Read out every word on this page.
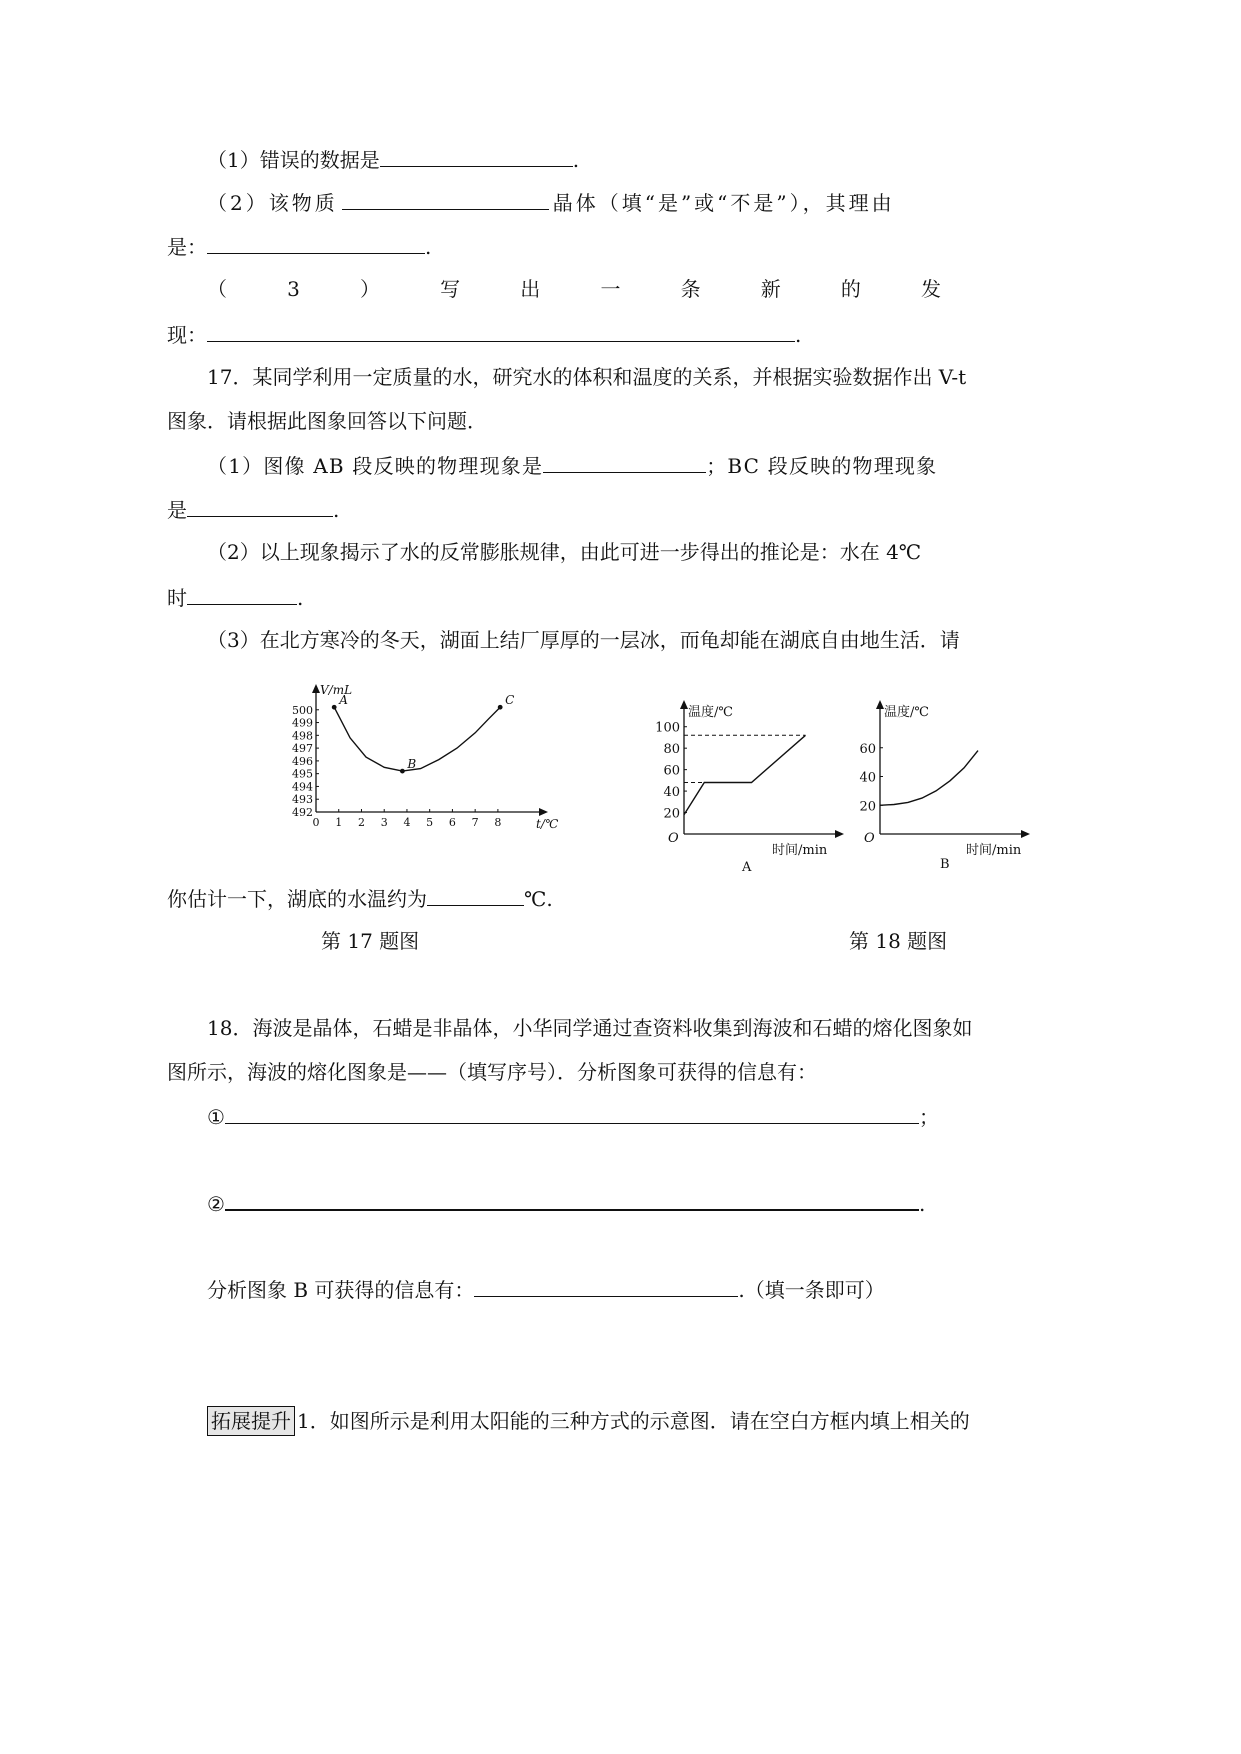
（1）错误的数据是	.
（2）该物质	晶体（填“是”或“不是”），其理由
是：	.
（	3	）	写	出	一	条	新	的	发
现：	.
17．某同学利用一定质量的水，研究水的体积和温度的关系，并根据实验数据作出 V-t
图象．请根据此图象回答以下问题．
（1）图像 AB 段反映的物理现象是	；BC 段反映的物理现象
是	.
（2）以上现象揭示了水的反常膨胀规律，由此可进一步得出的推论是：水在 4℃
时	.
（3）在北方寒冷的冬天，湖面上结厂厚厚的一层冰，而龟却能在湖底自由地生活．请
V/mL
t/℃
0 1 2 3 4 5 6 7 8
492
493
494
495
496
497
498
499
500
A
B
C
温度/℃
时间/min
O
A
20
40
60
80
100
温度/℃
时间/min
O
B
20
40
60
你估计一下，湖底的水温约为	℃.
第 17 题图	第 18 题图
18．海波是晶体，石蜡是非晶体，小华同学通过查资料收集到海波和石蜡的熔化图象如
图所示，海波的熔化图象是——（填写序号）．分析图象可获得的信息有：
①	；
②	.
分析图象 B 可获得的信息有：	.（填一条即可）
拓展提升 1．如图所示是利用太阳能的三种方式的示意图．请在空白方框内填上相关的
